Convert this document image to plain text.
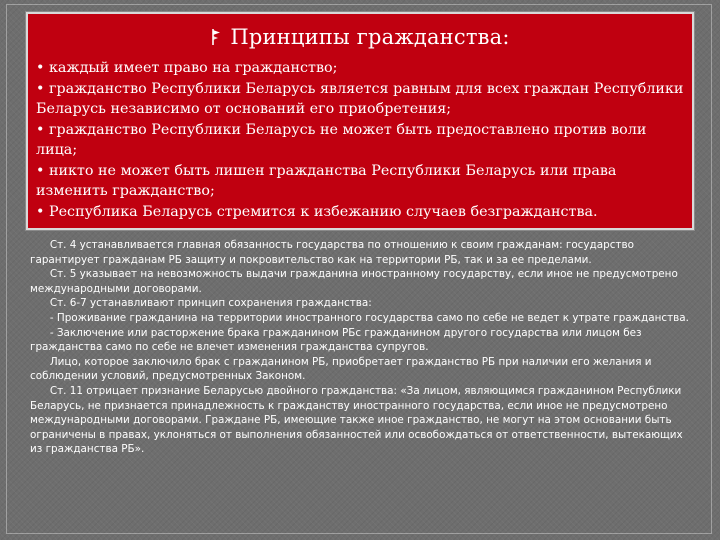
Принципы гражданства:
• каждый имеет право на гражданство;
• гражданство Республики Беларусь является равным для всех граждан Республики Беларусь независимо от оснований его приобретения;
• гражданство Республики Беларусь не может быть предоставлено против воли лица;
• никто не может быть лишен гражданства Республики Беларусь или права изменить гражданство;
• Республика Беларусь стремится к избежанию случаев безгражданства.
Ст. 4 устанавливается главная обязанность государства по отношению к своим гражданам: государство гарантирует гражданам РБ защиту и покровительство как на территории РБ, так и за ее пределами.
Ст. 5 указывает на невозможность выдачи гражданина иностранному государству, если иное не предусмотрено международными договорами.
Ст. 6-7 устанавливают принцип сохранения гражданства:
- Проживание гражданина на территории иностранного государства само по себе не ведет к утрате гражданства.
- Заключение или расторжение брака гражданином РБс гражданином другого государства или лицом без гражданства само по себе не влечет изменения гражданства супругов.
Лицо, которое заключило брак с гражданином РБ, приобретает гражданство РБ при наличии его желания и соблюдении условий, предусмотренных Законом.
Ст. 11 отрицает признание Беларусью двойного гражданства: «За лицом, являющимся гражданином Республики Беларусь, не признается принадлежность к гражданству иностранного государства, если иное не предусмотрено международными договорами. Граждане РБ, имеющие также иное гражданство, не могут на этом основании быть ограничены в правах, уклоняться от выполнения обязанностей или освобождаться от ответственности, вытекающих из гражданства РБ».
